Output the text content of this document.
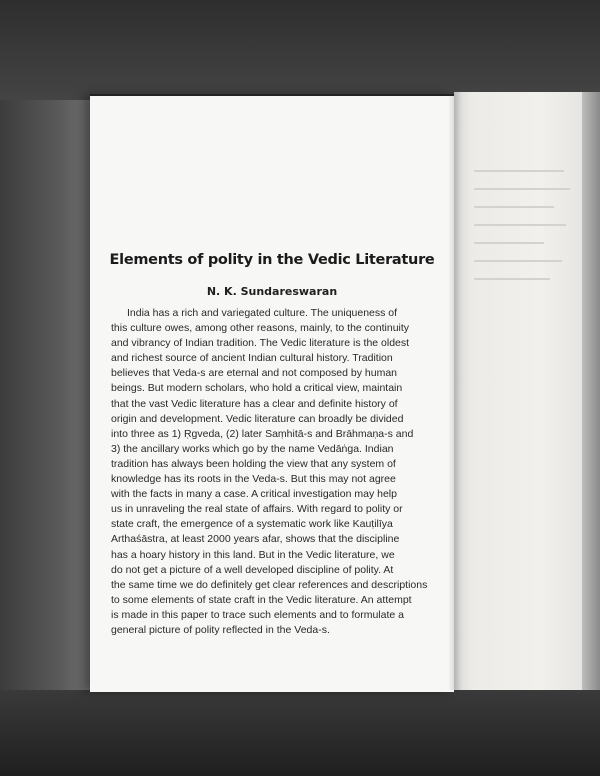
Elements of polity in the Vedic Literature

N. K. Sundareswaran

India has a rich and variegated culture. The uniqueness of
this culture owes, among other reasons, mainly, to the continuity
and vibrancy of Indian tradition. The Vedic literature is the oldest
and richest source of ancient Indian cultural history. Tradition
believes that Veda-s are eternal and not composed by human
beings. But modern scholars, who hold a critical view, maintain
that the vast Vedic literature has a clear and definite history of
origin and development. Vedic literature can broadly be divided
into three as 1) Ṛgveda, (2) later Saṃhitā-s and Brāhmaṇa-s and
3) the ancillary works which go by the name Vedāṅga. Indian
tradition has always been holding the view that any system of
knowledge has its roots in the Veda-s. But this may not agree
with the facts in many a case. A critical investigation may help
us in unraveling the real state of affairs. With regard to polity or
state craft, the emergence of a systematic work like Kauṭilīya
Arthaśāstra, at least 2000 years afar, shows that the discipline
has a hoary history in this land. But in the Vedic literature, we
do not get a picture of a well developed discipline of polity. At
the same time we do definitely get clear references and descriptions
to some elements of state craft in the Vedic literature. An attempt
is made in this paper to trace such elements and to formulate a
general picture of polity reflected in the Veda-s.
